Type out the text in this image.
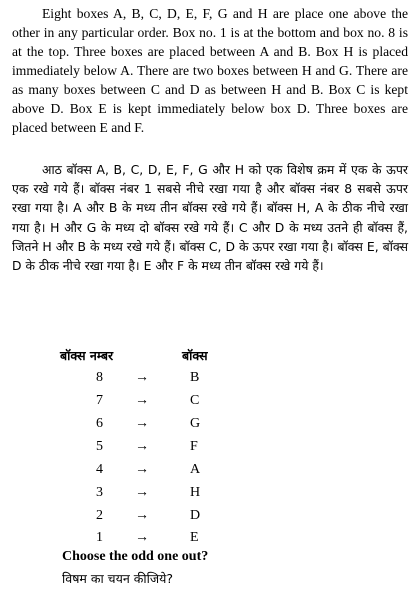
Eight boxes A, B, C, D, E, F, G and H are place one above the other in any particular order. Box no. 1 is at the bottom and box no. 8 is at the top. Three boxes are placed between A and B. Box H is placed immediately below A. There are two boxes between H and G. There are as many boxes between C and D as between H and B. Box C is kept above D. Box E is kept immediately below box D. Three boxes are placed between E and F.

आठ बॉक्स A, B, C, D, E, F, G और H को एक विशेष क्रम में एक के ऊपर एक रखे गये हैं। बॉक्स नंबर 1 सबसे नीचे रखा गया है और बॉक्स नंबर 8 सबसे ऊपर रखा गया है। A और B के मध्य तीन बॉक्स रखे गये हैं। बॉक्स H, A के ठीक नीचे रखा गया है। H और G के मध्य दो बॉक्स रखे गये हैं। C और D के मध्य उतने ही बॉक्स हैं, जितने H और B के मध्य रखे गये हैं। बॉक्स C, D के ऊपर रखा गया है। बॉक्स E, बॉक्स D के ठीक नीचे रखा गया है। E और F के मध्य तीन बॉक्स रखे गये हैं।

बॉक्स नम्बर	बॉक्स
8 →	B
7 →	C
6 →	G
5 →	F
4 →	A
3 →	H
2 →	D
1 →	E
Choose the odd one out?
विषम का चयन कीजिये?
